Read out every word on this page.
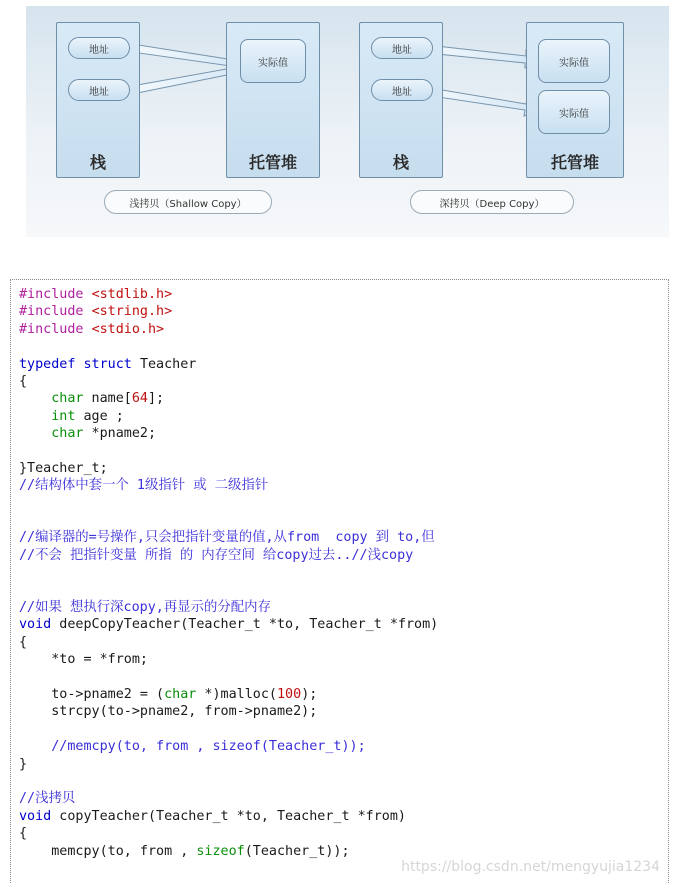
栈
地址
地址
托管堆
实际值
浅拷贝（Shallow Copy）
栈
地址
地址
托管堆
实际值
实际值
深拷贝（Deep Copy）
#include <stdlib.h>
#include <string.h>
#include <stdio.h>

typedef struct Teacher
{
char name[64];
int age ;
char *pname2;

}Teacher_t;
//结构体中套一个 1级指针 或 二级指针

//编译器的=号操作,只会把指针变量的值,从from  copy 到 to,但
//不会 把指针变量 所指 的 内存空间 给copy过去..//浅copy

//如果 想执行深copy,再显示的分配内存
void deepCopyTeacher(Teacher_t *to, Teacher_t *from)
{
*to = *from;

to->pname2 = (char *)malloc(100);
strcpy(to->pname2, from->pname2);

//memcpy(to, from , sizeof(Teacher_t));
}

//浅拷贝
void copyTeacher(Teacher_t *to, Teacher_t *from)
{
memcpy(to, from , sizeof(Teacher_t));
https://blog.csdn.net/mengyujia1234
